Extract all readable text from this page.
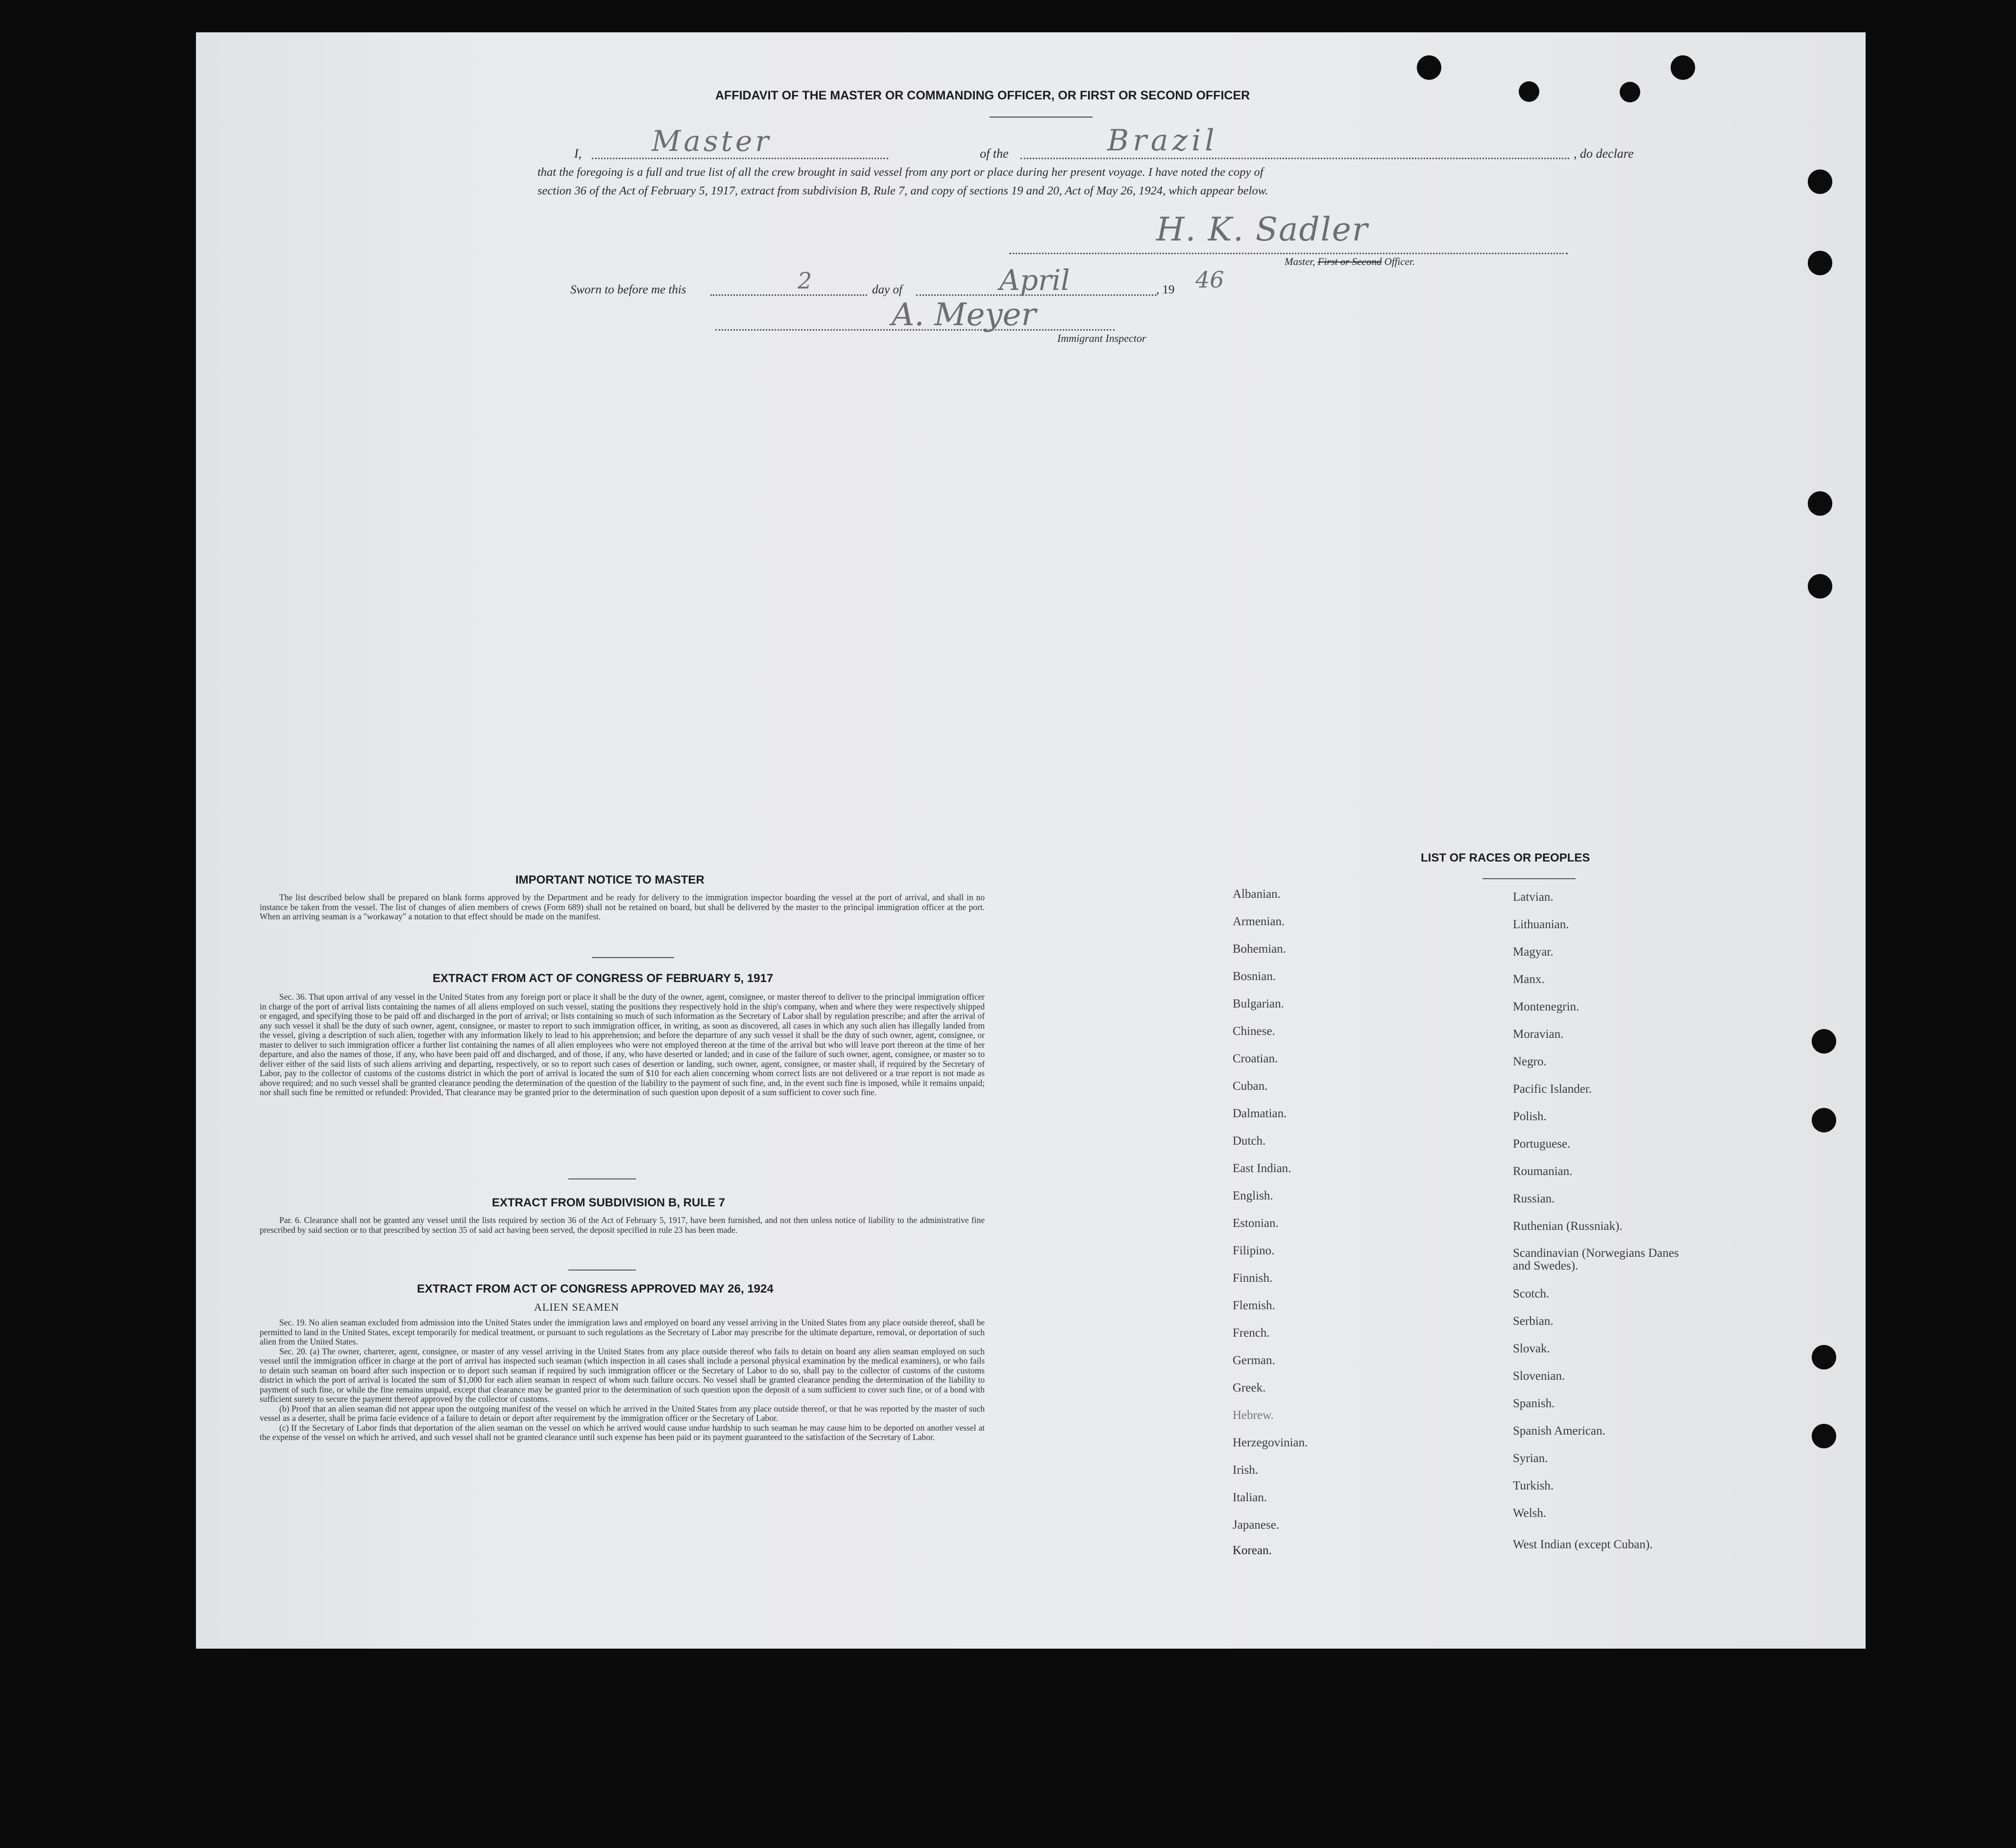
AFFIDAVIT OF THE MASTER OR COMMANDING OFFICER, OR FIRST OR SECOND OFFICER
I, Master	of the	Brazil	, do declare
that the foregoing is a full and true list of all the crew brought in said vessel from any port or place during her present voyage. I have noted the copy of
section 36 of the Act of February 5, 1917, extract from subdivision B, Rule 7, and copy of sections 19 and 20, Act of May 26, 1924, which appear below.
H. K. Sadler
Master, First or Second Officer.
Sworn to before me this	2	day of	April	, 19 46
A. Meyer
Immigrant Inspector
IMPORTANT NOTICE TO MASTER

The list described below shall be prepared on blank forms approved by the Department and be ready for delivery to the immigration inspector boarding the vessel at the port of arrival, and shall in no instance be taken from the vessel. The list of changes of alien members of crews (Form 689) shall not be retained on board, but shall be delivered by the master to the principal immigration officer at the port. When an arriving seaman is a "workaway" a notation to that effect should be made on the manifest.

EXTRACT FROM ACT OF CONGRESS OF FEBRUARY 5, 1917

Sec. 36. That upon arrival of any vessel in the United States from any foreign port or place it shall be the duty of the owner, agent, consignee, or master thereof to deliver to the principal immigration officer in charge of the port of arrival lists containing the names of all aliens employed on such vessel, stating the positions they respectively hold in the ship's company, when and where they were respectively shipped or engaged, and specifying those to be paid off and discharged in the port of arrival; or lists containing so much of such information as the Secretary of Labor shall by regulation prescribe; and after the arrival of any such vessel it shall be the duty of such owner, agent, consignee, or master to report to such immigration officer, in writing, as soon as discovered, all cases in which any such alien has illegally landed from the vessel, giving a description of such alien, together with any information likely to lead to his apprehension; and before the departure of any such vessel it shall be the duty of such owner, agent, consignee, or master to deliver to such immigration officer a further list containing the names of all alien employees who were not employed thereon at the time of the arrival but who will leave port thereon at the time of her departure, and also the names of those, if any, who have been paid off and discharged, and of those, if any, who have deserted or landed; and in case of the failure of such owner, agent, consignee, or master so to deliver either of the said lists of such aliens arriving and departing, respectively, or so to report such cases of desertion or landing, such owner, agent, consignee, or master shall, if required by the Secretary of Labor, pay to the collector of customs of the customs district in which the port of arrival is located the sum of $10 for each alien concerning whom correct lists are not delivered or a true report is not made as above required; and no such vessel shall be granted clearance pending the determination of the question of the liability to the payment of such fine, and, in the event such fine is imposed, while it remains unpaid; nor shall such fine be remitted or refunded: Provided, That clearance may be granted prior to the determination of such question upon deposit of a sum sufficient to cover such fine.

EXTRACT FROM SUBDIVISION B, RULE 7

Par. 6. Clearance shall not be granted any vessel until the lists required by section 36 of the Act of February 5, 1917, have been furnished, and not then unless notice of liability to the administrative fine prescribed by said section or to that prescribed by section 35 of said act having been served, the deposit specified in rule 23 has been made.

EXTRACT FROM ACT OF CONGRESS APPROVED MAY 26, 1924
ALIEN SEAMEN

Sec. 19. No alien seaman excluded from admission into the United States under the immigration laws and employed on board any vessel arriving in the United States from any place outside thereof, shall be permitted to land in the United States, except temporarily for medical treatment, or pursuant to such regulations as the Secretary of Labor may prescribe for the ultimate departure, removal, or deportation of such alien from the United States.

Sec. 20. (a) The owner, charterer, agent, consignee, or master of any vessel arriving in the United States from any place outside thereof who fails to detain on board any alien seaman employed on such vessel until the immigration officer in charge at the port of arrival has inspected such seaman (which inspection in all cases shall include a personal physical examination by the medical examiners), or who fails to detain such seaman on board after such inspection or to deport such seaman if required by such immigration officer or the Secretary of Labor to do so, shall pay to the collector of customs of the customs district in which the port of arrival is located the sum of $1,000 for each alien seaman in respect of whom such failure occurs. No vessel shall be granted clearance pending the determination of the liability to payment of such fine, or while the fine remains unpaid, except that clearance may be granted prior to the determination of such question upon the deposit of a sum sufficient to cover such fine, or of a bond with sufficient surety to secure the payment thereof approved by the collector of customs.

(b) Proof that an alien seaman did not appear upon the outgoing manifest of the vessel on which he arrived in the United States from any place outside thereof, or that he was reported by the master of such vessel as a deserter, shall be prima facie evidence of a failure to detain or deport after requirement by the immigration officer or the Secretary of Labor.

(c) If the Secretary of Labor finds that deportation of the alien seaman on the vessel on which he arrived would cause undue hardship to such seaman he may cause him to be deported on another vessel at the expense of the vessel on which he arrived, and such vessel shall not be granted clearance until such expense has been paid or its payment guaranteed to the satisfaction of the Secretary of Labor.

LIST OF RACES OR PEOPLES
Albanian.
Armenian.
Bohemian.
Bosnian.
Bulgarian.
Chinese.
Croatian.
Cuban.
Dalmatian.
Dutch.
East Indian.
English.
Estonian.
Filipino.
Finnish.
Flemish.
French.
German.
Greek.
Hebrew.
Herzegovinian.
Irish.
Italian.
Japanese.
Korean.
Latvian.
Lithuanian.
Magyar.
Manx.
Montenegrin.
Moravian.
Negro.
Pacific Islander.
Polish.
Portuguese.
Roumanian.
Russian.
Ruthenian (Russniak).
Scandinavian (Norwegians Danes and Swedes).
Scotch.
Serbian.
Slovak.
Slovenian.
Spanish.
Spanish American.
Syrian.
Turkish.
Welsh.
West Indian (except Cuban).
